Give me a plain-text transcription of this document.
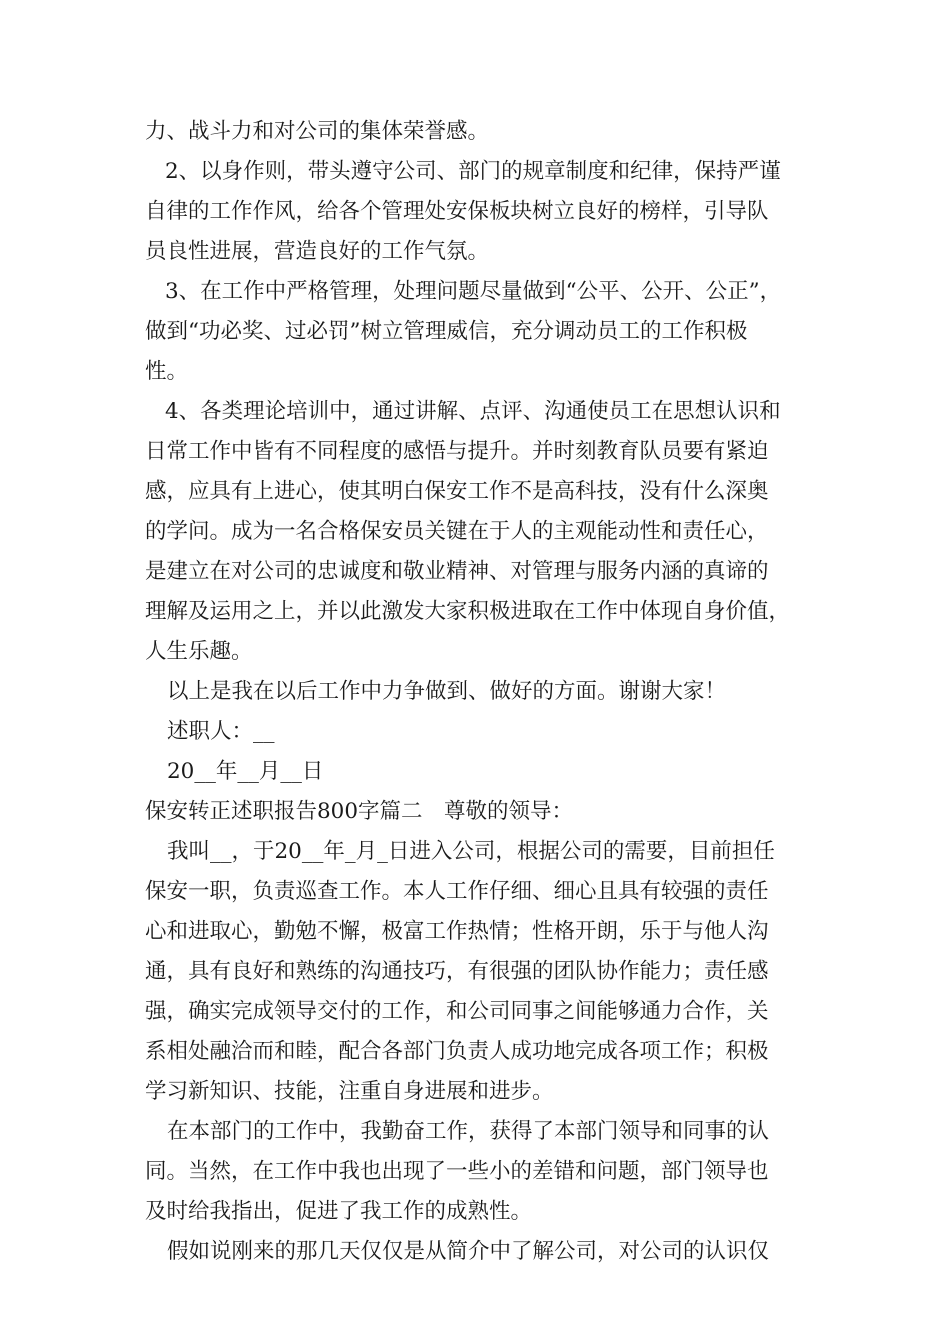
力、战斗力和对公司的集体荣誉感。
2、以身作则，带头遵守公司、部门的规章制度和纪律，保持严谨
自律的工作作风，给各个管理处安保板块树立良好的榜样，引导队
员良性进展，营造良好的工作气氛。
3、在工作中严格管理，处理问题尽量做到“公平、公开、公正”，
做到“功必奖、过必罚”树立管理威信，充分调动员工的工作积极
性。
4、各类理论培训中，通过讲解、点评、沟通使员工在思想认识和
日常工作中皆有不同程度的感悟与提升。并时刻教育队员要有紧迫
感，应具有上进心，使其明白保安工作不是高科技，没有什么深奥
的学问。成为一名合格保安员关键在于人的主观能动性和责任心，
是建立在对公司的忠诚度和敬业精神、对管理与服务内涵的真谛的
理解及运用之上，并以此激发大家积极进取在工作中体现自身价值，
人生乐趣。
以上是我在以后工作中力争做到、做好的方面。谢谢大家！
述职人：__
20__年__月__日
保安转正述职报告800字篇二　尊敬的领导：
我叫__，于20__年_月_日进入公司，根据公司的需要，目前担任
保安一职，负责巡查工作。本人工作仔细、细心且具有较强的责任
心和进取心，勤勉不懈，极富工作热情；性格开朗，乐于与他人沟
通，具有良好和熟练的沟通技巧，有很强的团队协作能力；责任感
强，确实完成领导交付的工作，和公司同事之间能够通力合作，关
系相处融洽而和睦，配合各部门负责人成功地完成各项工作；积极
学习新知识、技能，注重自身进展和进步。
在本部门的工作中，我勤奋工作，获得了本部门领导和同事的认
同。当然，在工作中我也出现了一些小的差错和问题，部门领导也
及时给我指出，促进了我工作的成熟性。
假如说刚来的那几天仅仅是从简介中了解公司，对公司的认识仅
